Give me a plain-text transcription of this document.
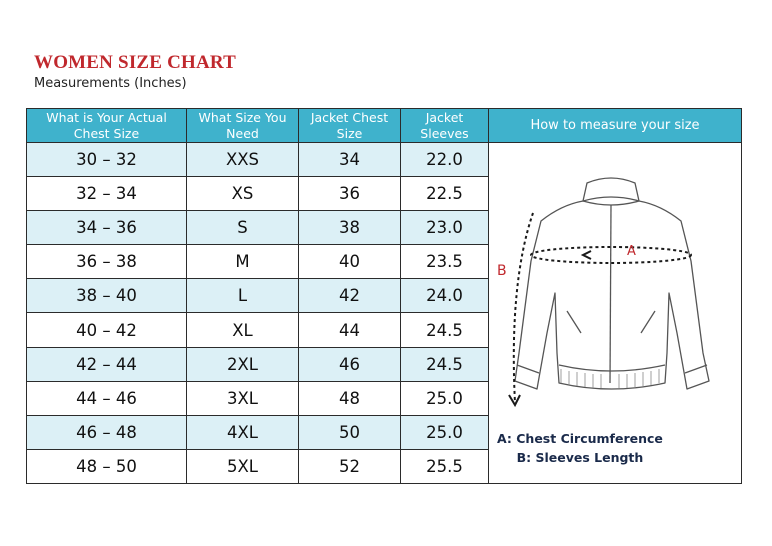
WOMEN SIZE CHART
Measurements (Inches)
What is Your Actual Chest Size	What Size You Need	Jacket Chest Size	Jacket Sleeves	How to measure your size
30 – 32	XXS	34	22.0	A
B
A: Chest Circumference
B: Sleeves Length

32 – 34	XS	36	22.5	
34 – 36	S	38	23.0	
36 – 38	M	40	23.5	
38 – 40	L	42	24.0	
40 – 42	XL	44	24.5	
42 – 44	2XL	46	24.5	
44 – 46	3XL	48	25.0	
46 – 48	4XL	50	25.0	
48 – 50	5XL	52	25.5	
